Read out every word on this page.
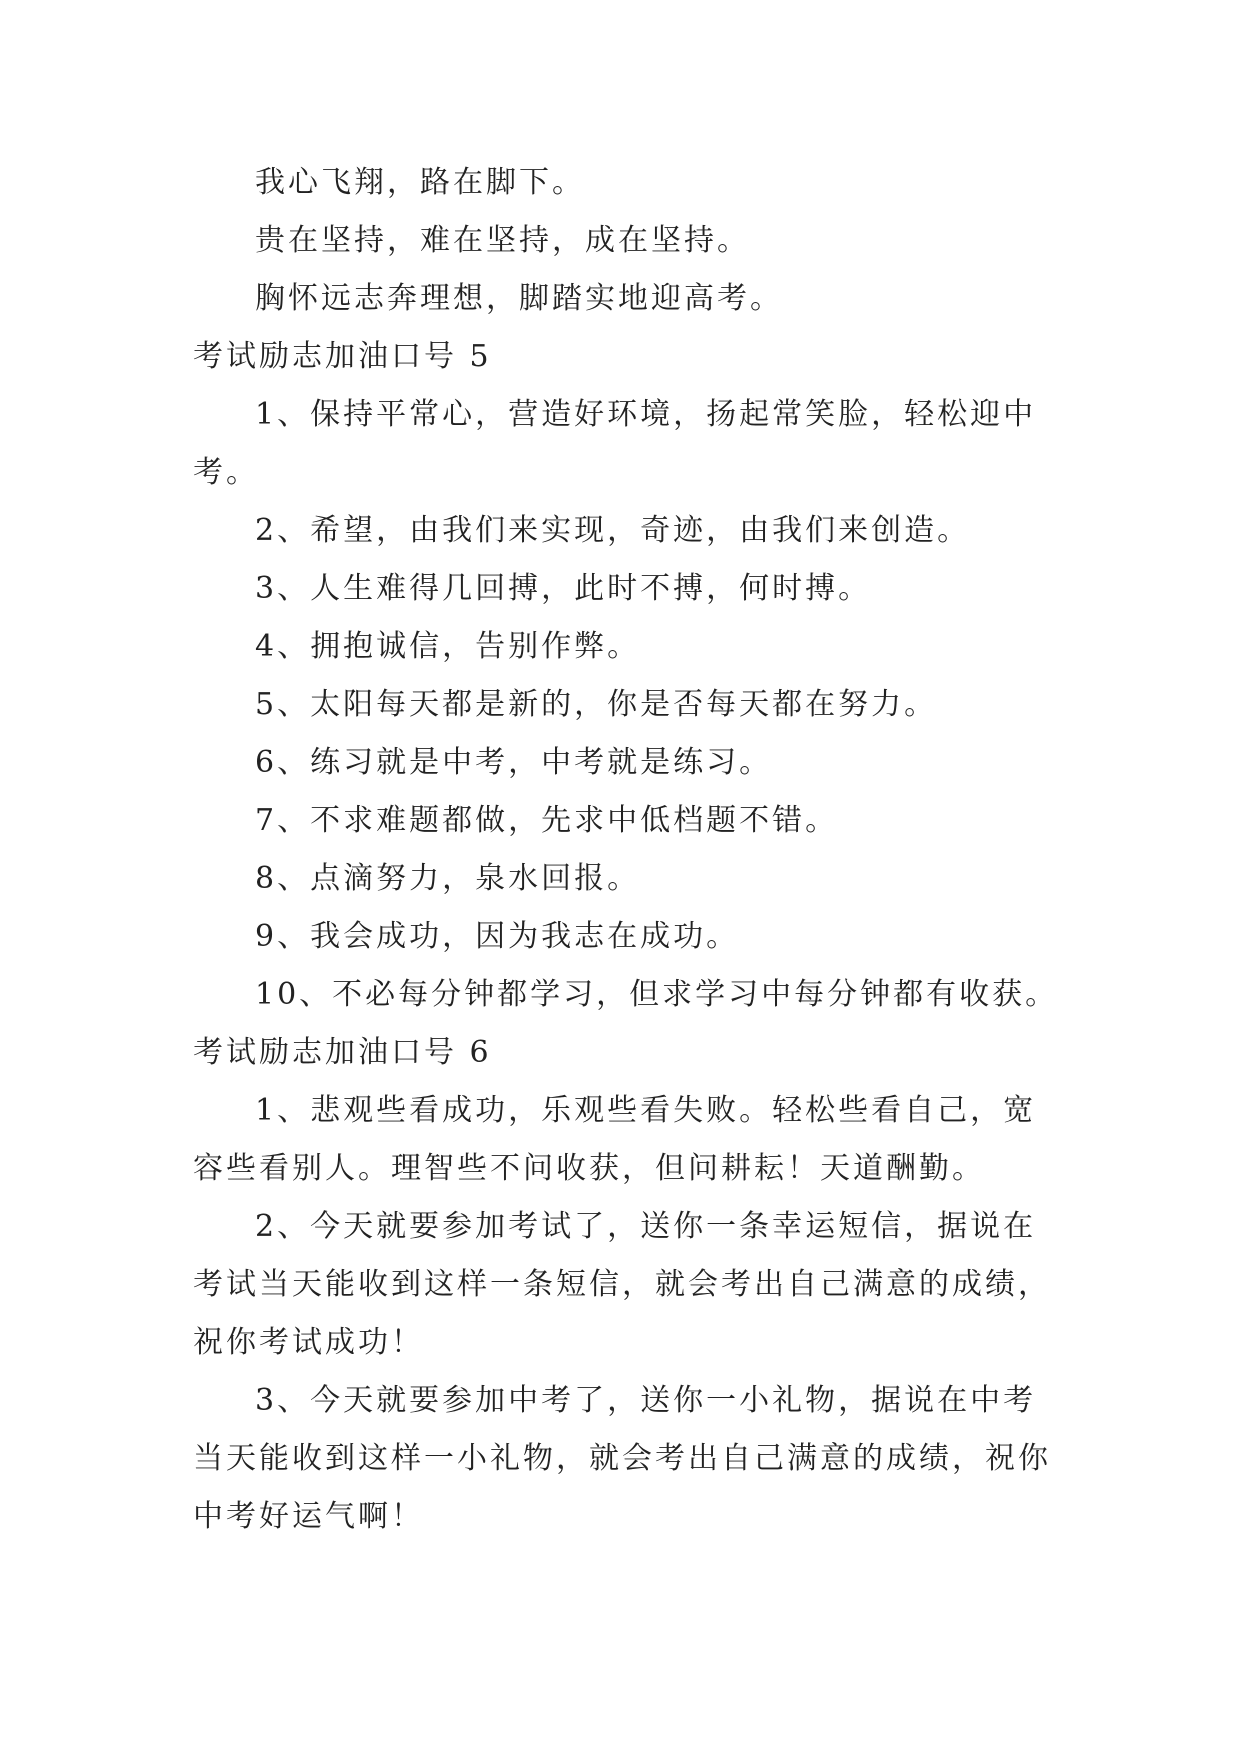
我心飞翔，路在脚下。
贵在坚持，难在坚持，成在坚持。
胸怀远志奔理想，脚踏实地迎高考。
考试励志加油口号 5
1、保持平常心，营造好环境，扬起常笑脸，轻松迎中
考。
2、希望，由我们来实现，奇迹，由我们来创造。
3、人生难得几回搏，此时不搏，何时搏。
4、拥抱诚信，告别作弊。
5、太阳每天都是新的，你是否每天都在努力。
6、练习就是中考，中考就是练习。
7、不求难题都做，先求中低档题不错。
8、点滴努力，泉水回报。
9、我会成功，因为我志在成功。
10、不必每分钟都学习，但求学习中每分钟都有收获。
考试励志加油口号 6
1、悲观些看成功，乐观些看失败。轻松些看自己，宽
容些看别人。理智些不问收获，但问耕耘！天道酬勤。
2、今天就要参加考试了，送你一条幸运短信，据说在
考试当天能收到这样一条短信，就会考出自己满意的成绩，
祝你考试成功！
3、今天就要参加中考了，送你一小礼物，据说在中考
当天能收到这样一小礼物，就会考出自己满意的成绩，祝你
中考好运气啊！
